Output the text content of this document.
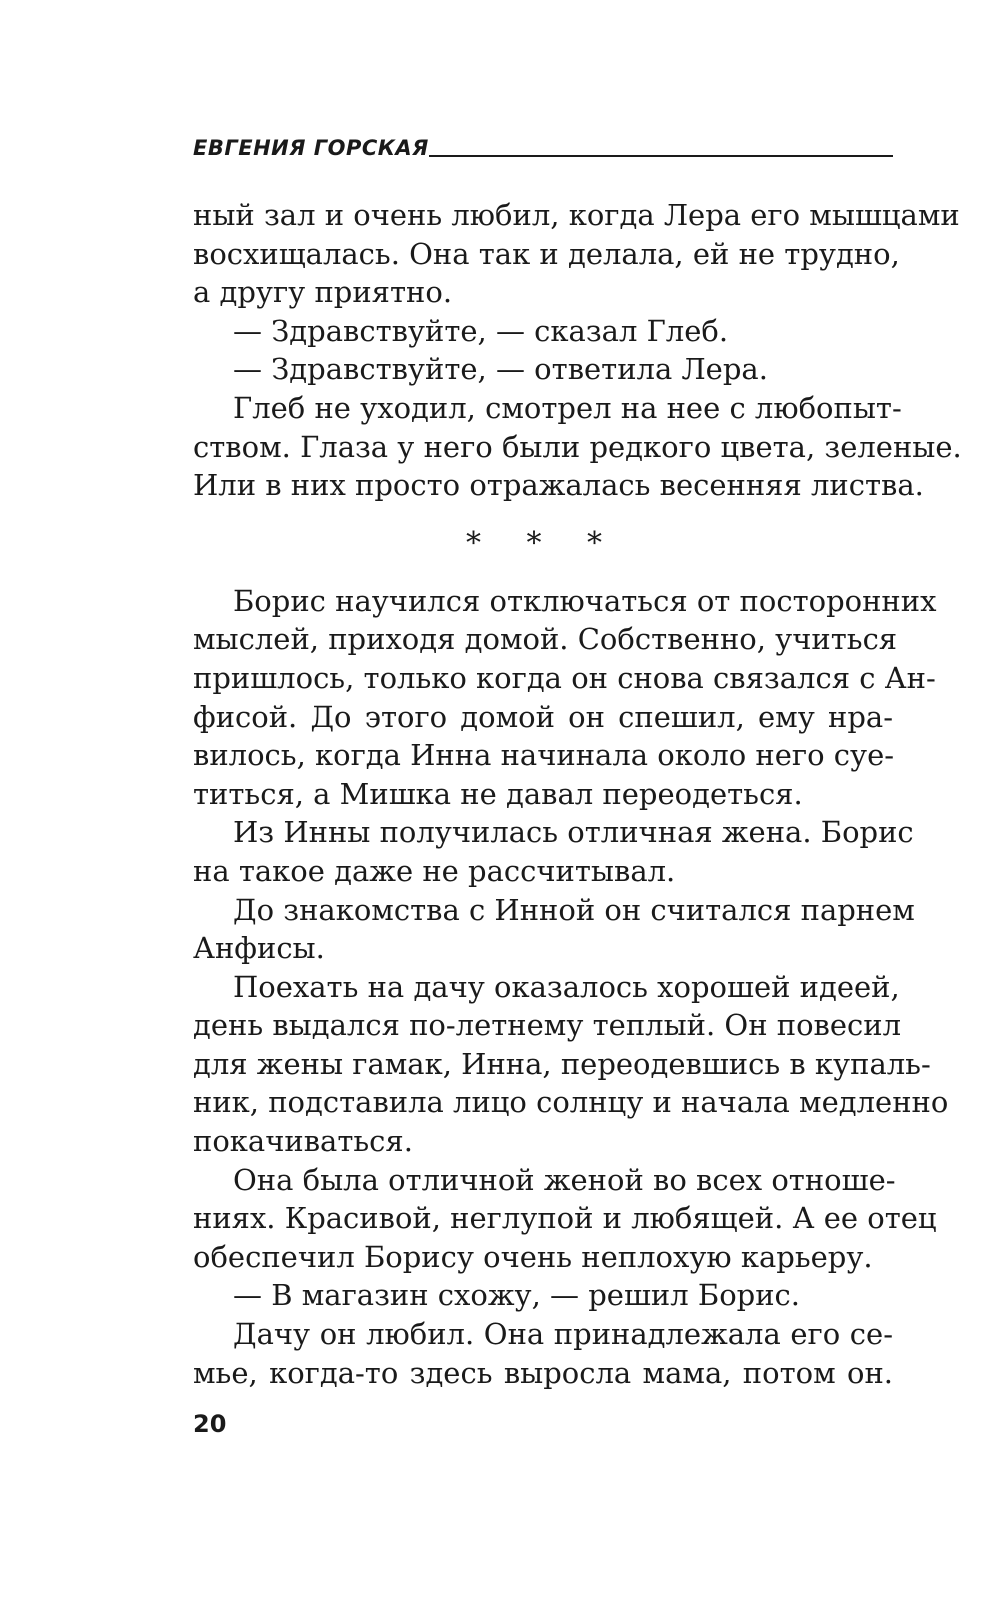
ЕВГЕНИЯ ГОРСКАЯ
ный зал и очень любил, когда Лера его мышцами
восхищалась. Она так и делала, ей не трудно,
а другу приятно.
— Здравствуйте, — сказал Глеб.
— Здравствуйте, — ответила Лера.
Глеб не уходил, смотрел на нее с любопыт-
ством. Глаза у него были редкого цвета, зеленые.
Или в них просто отражалась весенняя листва.
* * *
Борис научился отключаться от посторонних
мыслей, приходя домой. Собственно, учиться
пришлось, только когда он снова связался с Ан-
фисой. До этого домой он спешил, ему нра-
вилось, когда Инна начинала около него суе-
титься, а Мишка не давал переодеться.
Из Инны получилась отличная жена. Борис
на такое даже не рассчитывал.
До знакомства с Инной он считался парнем
Анфисы.
Поехать на дачу оказалось хорошей идеей,
день выдался по-летнему теплый. Он повесил
для жены гамак, Инна, переодевшись в купаль-
ник, подставила лицо солнцу и начала медленно
покачиваться.
Она была отличной женой во всех отноше-
ниях. Красивой, неглупой и любящей. А ее отец
обеспечил Борису очень неплохую карьеру.
— В магазин схожу, — решил Борис.
Дачу он любил. Она принадлежала его се-
мье, когда-то здесь выросла мама, потом он.
20
